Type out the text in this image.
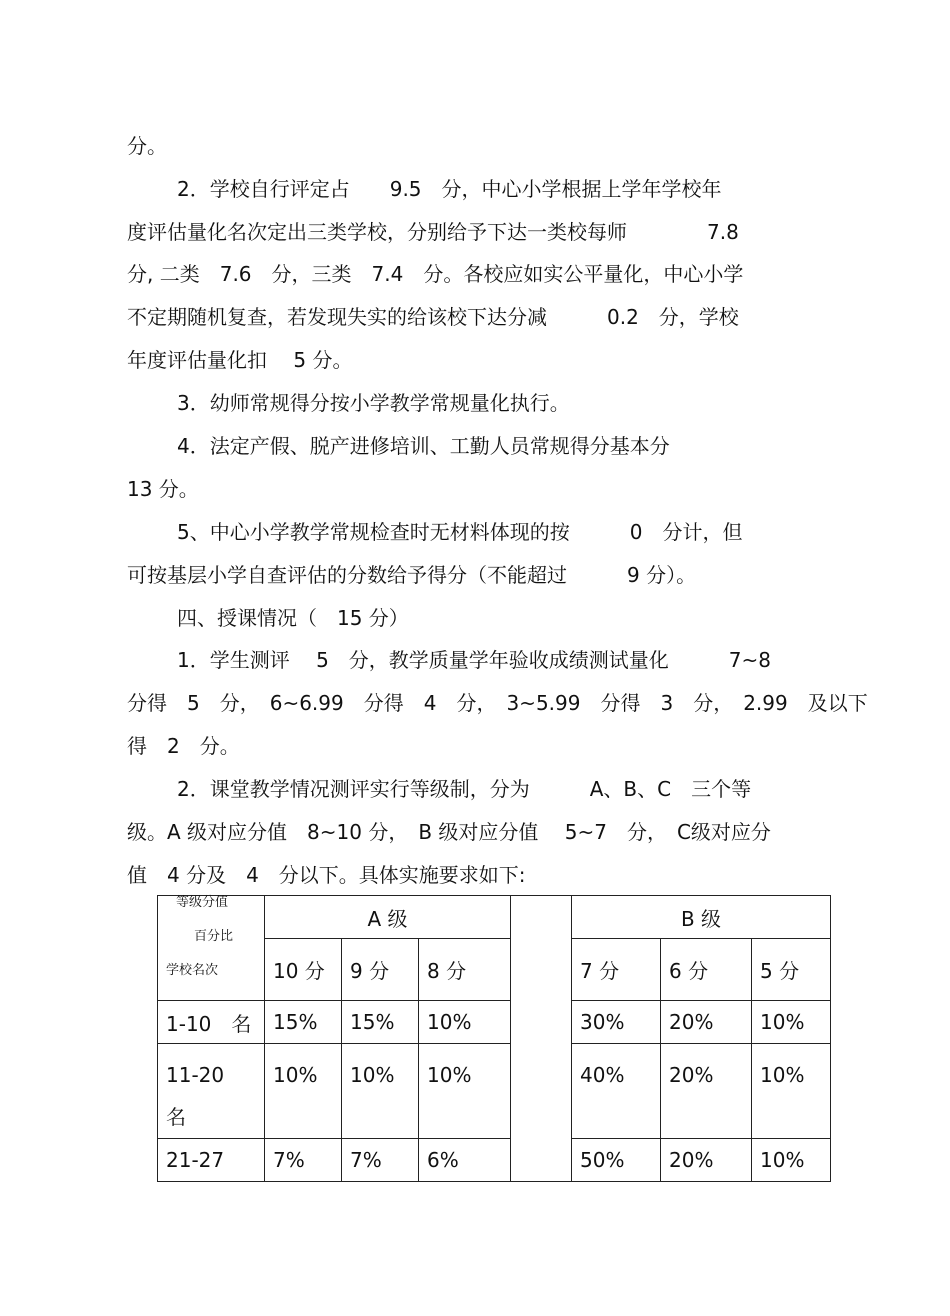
分。
2．学校自行评定占　　9.5　分，中心小学根据上学年学校年
度评估量化名次定出三类学校，分别给予下达一类校每师　　　　7.8
分, 二类　7.6　分，三类　7.4　分。各校应如实公平量化，中心小学
不定期随机复查，若发现失实的给该校下达分减　　　0.2　分，学校
年度评估量化扣　 5 分。
3．幼师常规得分按小学教学常规量化执行。
4．法定产假、脱产进修培训、工勤人员常规得分基本分
13 分。
5、中心小学教学常规检查时无材料体现的按　　　0　分计，但
可按基层小学自查评估的分数给予得分（不能超过　　　9 分）。
四、授课情况（　15 分）
1．学生测评　 5　分，教学质量学年验收成绩测试量化　　　7~8
分得　5　分，　6~6.99　分得　4　分，　3~5.99　分得　3　分，　2.99　及以下
得　2　分。
2．课堂教学情况测评实行等级制，分为　　　A、B、C　三个等
级。A 级对应分值　8~10 分，　B 级对应分值　 5~7　分，　C级对应分
值　4 分及　4　分以下。具体实施要求如下:
等级分值
百分比
学校名次	A 级				B 级		
	10 分	9 分	8 分		7 分	6 分	5 分
1-10　名	15%	15%	10%		30%	20%	10%
11-20
名	10%	10%	10%		40%	20%	10%
21-27	7%	7%	6%		50%	20%	10%
